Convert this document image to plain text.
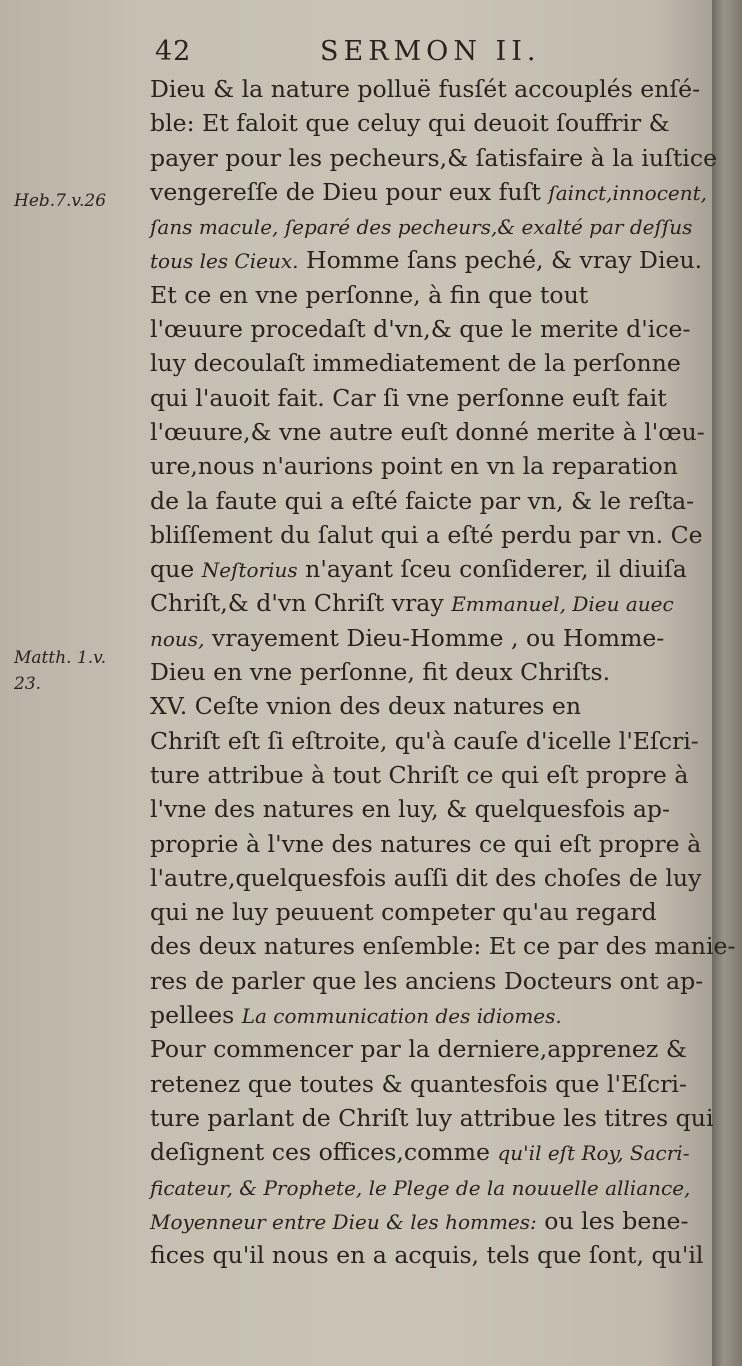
42	SERMON II.
Heb.7.v.26
Matth. 1.v.
23.
Dieu & la nature polluë fusſét accouplés enſé-
ble: Et faloit que celuy qui deuoit ſouffrir &
payer pour les pecheurs,& ſatisfaire à la iuſtice
vengereſſe de Dieu pour eux fuſt ſainct,innocent,
ſans macule, ſeparé des pecheurs,& exalté par deſſus
tous les Cieux. Homme ſans peché, & vray Dieu.
Et ce en vne perſonne, à fin que tout
l'œuure procedaſt d'vn,& que le merite d'ice-
luy decoulaſt immediatement de la perſonne
qui l'auoit fait. Car ſi vne perſonne euſt fait
l'œuure,& vne autre euſt donné merite à l'œu-
ure,nous n'aurions point en vn la reparation
de la faute qui a eſté faicte par vn, & le reſta-
bliſſement du ſalut qui a eſté perdu par vn. Ce
que Neſtorius n'ayant ſceu conſiderer, il diuiſa
Chriſt,& d'vn Chriſt vray Emmanuel, Dieu auec
nous, vrayement Dieu-Homme , ou Homme-
Dieu en vne perſonne, fit deux Chriſts.
XV. Ceſte vnion des deux natures en
Chriſt eſt ſi eſtroite, qu'à cauſe d'icelle l'Eſcri-
ture attribue à tout Chriſt ce qui eſt propre à
l'vne des natures en luy, & quelquesfois ap-
proprie à l'vne des natures ce qui eſt propre à
l'autre,quelquesfois auſſi dit des choſes de luy
qui ne luy peuuent competer qu'au regard
des deux natures enſemble: Et ce par des manie-
res de parler que les anciens Docteurs ont ap-
pellees La communication des idiomes.
Pour commencer par la derniere,apprenez &
retenez que toutes & quantesfois que l'Eſcri-
ture parlant de Chriſt luy attribue les titres qui
deſignent ces offices,comme qu'il eſt Roy, Sacri-
ficateur, & Prophete, le Plege de la nouuelle alliance,
Moyenneur entre Dieu & les hommes: ou les bene-
fices qu'il nous en a acquis, tels que ſont, qu'il
